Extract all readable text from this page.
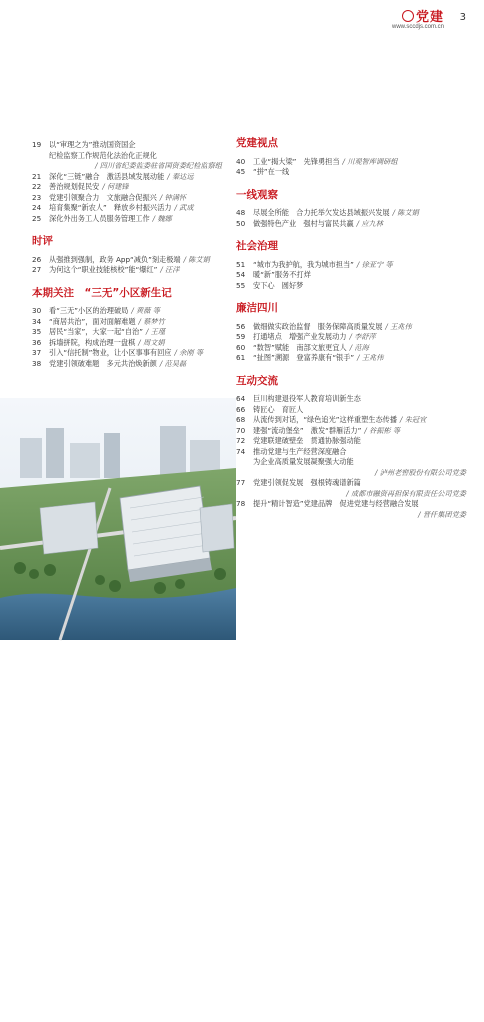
党建
www.sccdjs.com.cn
3
19	以“审理之为”推动国资国企
纪检监察工作规范化法治化正规化
/ 四川省纪委监委驻省国资委纪检监察组
21	深化“三链”融合　激活县域发展动能 / 秦达远
22	善治规划促民安 / 何建锋
23	党建引领聚合力　文旅融合促振兴 / 钟满怀
24	培育集聚“新农人”　释放乡村振兴活力 / 武成
25	深化外出务工人员服务管理工作 / 魏娜
时评
26	从强推到强制，政务 App“减负”刻走极端 / 陈艾娟
27	为何这个“职业技能核校”能“爆红” / 汪洋
本期关注　“三无”小区新生记
30	看“三无”小区的治理破局 / 黄薇 等
34	“商居共治”，面对面解难题 / 蔡梦竹
35	居民“当家”，大家一起“自治” / 王瑾
36	拆墙拼院，构成治理一盘棋 / 周文娟
37	引入“信托制”物业，让小区事事有回应 / 余刚 等
38	党建引领破难题　多元共治焕新颜 / 范昊磊
党建视点
40	工业“揭大梁”　先锋勇担当 / 川观智库调研组
45	“拼”在一线
一线观察
48	尽展全所能　合力托举欠发达县域振兴发展 / 陈艾娟
50	做强特色产业　强村与富民共赢 / 应九林
社会治理
51	“城市为我护航，我为城市担当” / 徐亚宁 等
54	暖“新”服务不打烊
55	安下心　圆好梦
廉洁四川
56	做细做实政治监督　服务保障高质量发展 / 王兆伟
59	打通堵点　增强产业发展动力 / 李舒萍
60	“数智”赋能　南部文旅更宜人 / 范海
61	“扯图”溯源　登富养康有“银手” / 王兆伟
互动交流
64	巨川构建退役军人教育培训新生态
66	铸匠心　育匠人
68	从流传到对话，“绿色追光”这样重塑生态传播 / 朱冠宜
70	建强“流动堡垒”　激发“群雁活力” / 谷振彬 等
72	党建联建破壁垒　贯通协脉强动能
74	推动党建与生产经营深度融合
为企业高质量发展凝聚强大动能
/ 泸州老窖股份有限公司党委
77	党建引领促发展　强根铸魂谱新篇
/ 成都市融资再担保有限责任公司党委
78	提升“精计智造”党建品牌　促进党建与经营融合发展
/ 晋仟集团党委
P41
